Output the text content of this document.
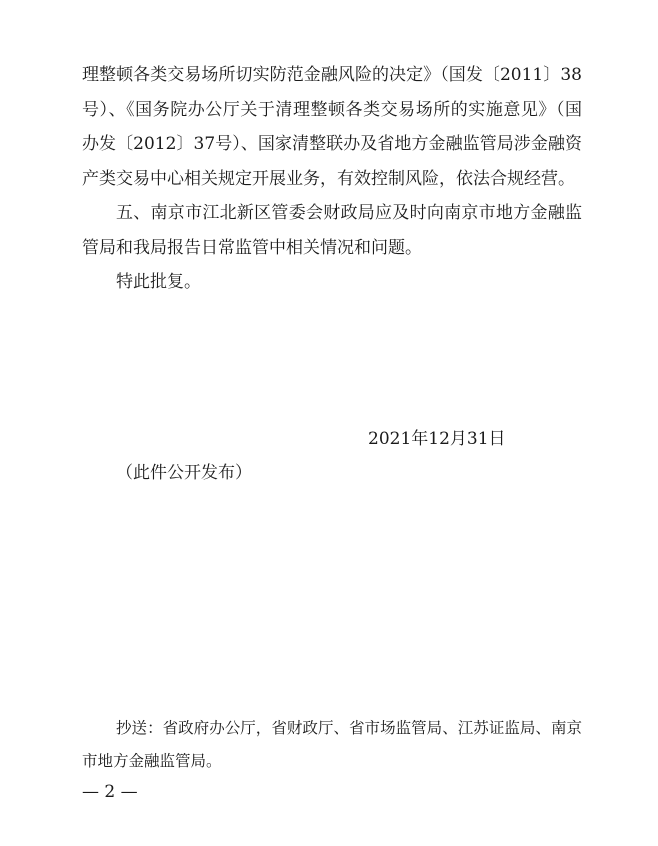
理整顿各类交易场所切实防范金融风险的决定》（国发〔2011〕38号）、《国务院办公厅关于清理整顿各类交易场所的实施意见》（国办发〔2012〕37号）、国家清整联办及省地方金融监管局涉金融资产类交易中心相关规定开展业务，有效控制风险，依法合规经营。

五、南京市江北新区管委会财政局应及时向南京市地方金融监管局和我局报告日常监管中相关情况和问题。

特此批复。

2021年12月31日
（此件公开发布）

抄送：省政府办公厅，省财政厅、省市场监管局、江苏证监局、南京市地方金融监管局。

— 2 —
